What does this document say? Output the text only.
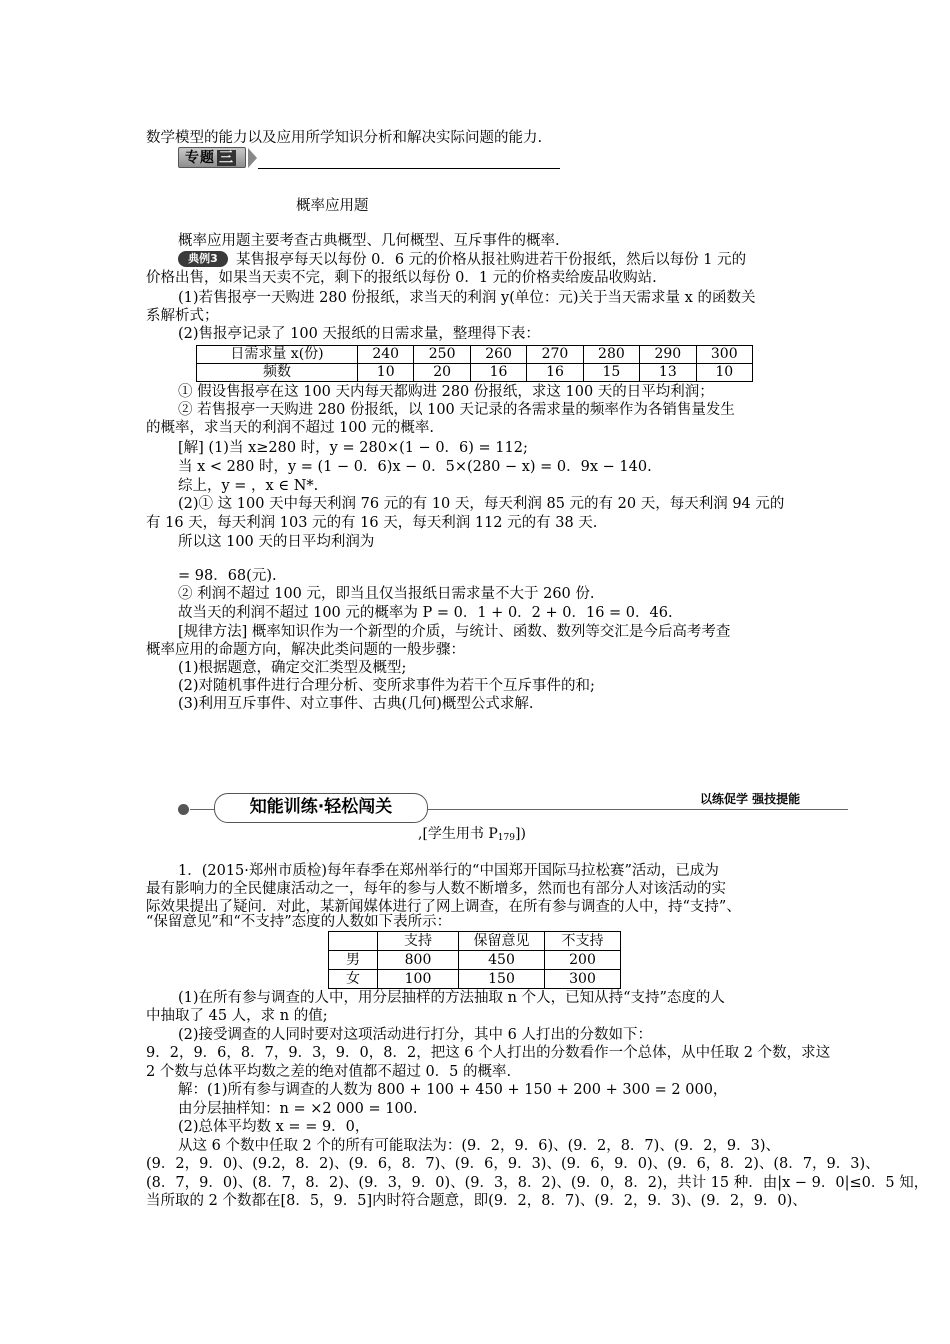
数学模型的能力以及应用所学知识分析和解决实际问题的能力.
专题 三
概率应用题
概率应用题主要考查古典概型、几何概型、互斥事件的概率.
典例3	某售报亭每天以每份 0．6 元的价格从报社购进若干份报纸，然后以每份 1 元的
价格出售，如果当天卖不完，剩下的报纸以每份 0．1 元的价格卖给废品收购站.
(1)若售报亭一天购进 280 份报纸，求当天的利润 y(单位：元)关于当天需求量 x 的函数关
系解析式；
(2)售报亭记录了 100 天报纸的日需求量，整理得下表：
日需求量 x(份)	240	250	260	270	280	290	300
频数	10	20	16	16	15	13	10
① 假设售报亭在这 100 天内每天都购进 280 份报纸，求这 100 天的日平均利润；
② 若售报亭一天购进 280 份报纸，以 100 天记录的各需求量的频率作为各销售量发生
的概率，求当天的利润不超过 100 元的概率.
[解] (1)当 x≥280 时，y = 280×(1 − 0．6) = 112;
当 x < 280 时，y = (1 − 0．6)x − 0．5×(280 − x) = 0．9x − 140.
综上，y = ，x ∈ N*.
(2)① 这 100 天中每天利润 76 元的有 10 天，每天利润 85 元的有 20 天，每天利润 94 元的
有 16 天，每天利润 103 元的有 16 天，每天利润 112 元的有 38 天.
所以这 100 天的日平均利润为
= 98．68(元).
② 利润不超过 100 元，即当且仅当报纸日需求量不大于 260 份.
故当天的利润不超过 100 元的概率为 P = 0．1 + 0．2 + 0．16 = 0．46.
[规律方法] 概率知识作为一个新型的介质，与统计、函数、数列等交汇是今后高考考查
概率应用的命题方向，解决此类问题的一般步骤：
(1)根据题意，确定交汇类型及概型;
(2)对随机事件进行合理分析、变所求事件为若干个互斥事件的和;
(3)利用互斥事件、对立事件、古典(几何)概型公式求解.
知能训练·轻松闯关	以练促学 强技提能
,[学生用书 $P_{179}$])
1．(2015·郑州市质检)每年春季在郑州举行的“中国郑开国际马拉松赛”活动，已成为
最有影响力的全民健康活动之一，每年的参与人数不断增多，然而也有部分人对该活动的实
际效果提出了疑问．对此，某新闻媒体进行了网上调查，在所有参与调查的人中，持“支持”、
“保留意见”和“不支持”态度的人数如下表所示：
	支持	保留意见	不支持
男	800	450	200
女	100	150	300
(1)在所有参与调查的人中，用分层抽样的方法抽取 n 个人，已知从持“支持”态度的人
中抽取了 45 人，求 n 的值;
(2)接受调查的人同时要对这项活动进行打分，其中 6 人打出的分数如下：
9．2，9．6，8．7，9．3，9．0，8．2，把这 6 个人打出的分数看作一个总体，从中任取 2 个数，求这
2 个数与总体平均数之差的绝对值都不超过 0．5 的概率.
解：(1)所有参与调查的人数为 800 + 100 + 450 + 150 + 200 + 300 = 2 000，
由分层抽样知：n = ×2 000 = 100.
(2)总体平均数 x = = 9．0，
从这 6 个数中任取 2 个的所有可能取法为：(9．2，9．6)、(9．2，8．7)、(9．2，9．3)、
(9．2，9．0)、(9.2，8．2)、(9．6，8．7)、(9．6，9．3)、(9．6，9．0)、(9．6，8．2)、(8．7，9．3)、
(8．7，9．0)、(8．7，8．2)、(9．3，9．0)、(9．3，8．2)、(9．0，8．2)，共计 15 种．由|x − 9．0|≤0．5 知，
当所取的 2 个数都在[8．5，9．5]内时符合题意，即(9．2，8．7)、(9．2，9．3)、(9．2，9．0)、
